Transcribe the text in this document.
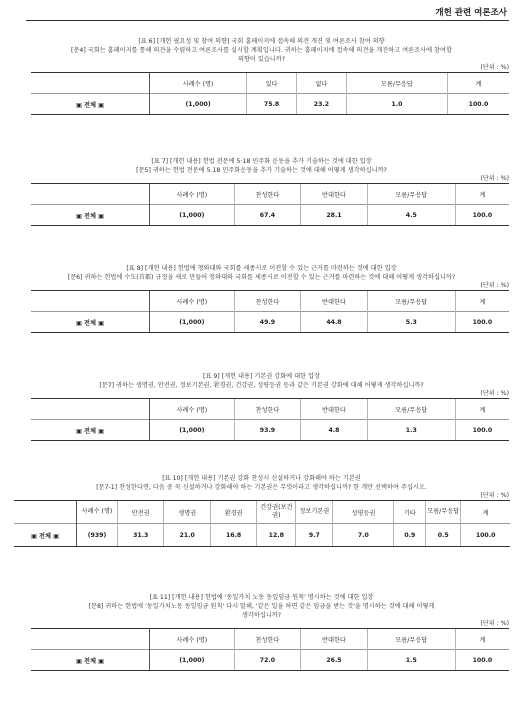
개헌 관련 여론조사
[표 6] [개헌 필요성 및 참여 의향] 국회 홈페이지에 접속해 의견 개진 및 여론조사 참여 의향
[문4] 국회는 홈페이지를 통해 의견을 수렴하고 여론조사를 실시할 계획입니다. 귀하는 홈페이지에 접속해 의견을 개진하고 여론조사에 참여할
의향이 있습니까?
(단위 : %)
	사례수 (명)	있다	없다	모름/무응답	계
▣ 전체 ▣	(1,000)	75.8	23.2	1.0	100.0
[표 7] [개헌 내용] 헌법 전문에 5·18 민주화 운동을 추가 기술하는 것에 대한 입장
[문5] 귀하는 헌법 전문에 5.18 민주화운동을 추가 기술하는 것에 대해 어떻게 생각하십니까?
(단위 : %)
	사례수 (명)	찬성한다	반대한다	모름/무응답	계
▣ 전체 ▣	(1,000)	67.4	28.1	4.5	100.0
[표 8] [개헌 내용] 헌법에 청와대와 국회를 세종시로 이전할 수 있는 근거를 마련하는 것에 대한 입장
[문6] 귀하는 헌법에 수도(首都) 규정을 새로 만들어 청와대와 국회를 세종시로 이전할 수 있는 근거를 마련하는 것에 대해 어떻게 생각하십니까?
(단위 : %)
	사례수 (명)	찬성한다	반대한다	모름/무응답	계
▣ 전체 ▣	(1,000)	49.9	44.8	5.3	100.0
[표 9] [개헌 내용] 기본권 강화에 대한 입장
[문7] 귀하는 생명권, 안전권, 정보기본권, 환경권, 건강권, 성평등권 등과 같은 기본권 강화에 대해 어떻게 생각하십니까?
(단위 : %)
	사례수 (명)	찬성한다	반대한다	모름/무응답	계
▣ 전체 ▣	(1,000)	93.9	4.8	1.3	100.0
[표 10] [개헌 내용] 기본권 강화 찬성시 신설하거나 강화해야 하는 기본권
[문7-1] 찬성한다면, 다음 중 꼭 신설하거나 강화해야 하는 기본권은 무엇이라고 생각하십니까? 한 개만 선택하여 주십시오.
(단위 : %)
	사례수 (명)	안전권	생명권	환경권	건강권(보건권)	정보기본권	성평등권	기타	모름/무응답	계
▣ 전체 ▣	(939)	31.3	21.0	16.8	12.8	9.7	7.0	0.9	0.5	100.0
[표 11] [개헌 내용] 헌법에 '동일가치 노동 동일임금 원칙' 명시하는 것에 대한 입장
[문8] 귀하는 헌법에 '동일가치노동 동일임금 원칙' 다시 말해, '같은 일을 하면 같은 임금을 받는 것'을 명시하는 것에 대해 어떻게
생각하십니까?
(단위 : %)
	사례수 (명)	찬성한다	반대한다	모름/무응답	계
▣ 전체 ▣	(1,000)	72.0	26.5	1.5	100.0
